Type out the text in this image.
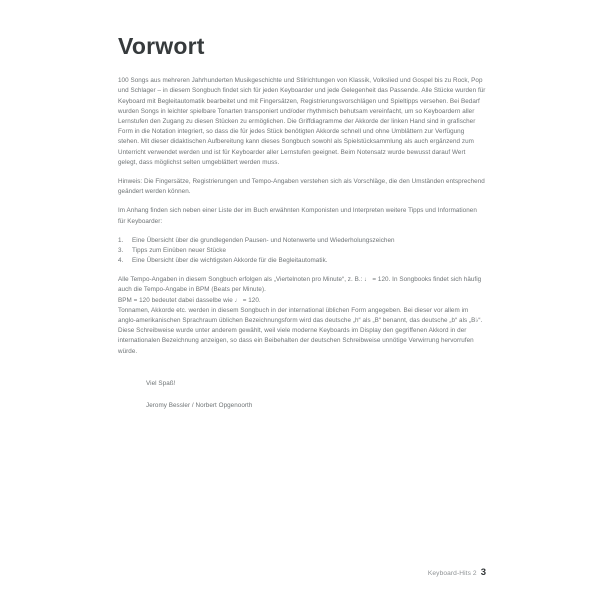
Vorwort

100 Songs aus mehreren Jahrhunderten Musikgeschichte und Stilrichtungen von Klassik, Volkslied und Gospel bis zu Rock, Pop und Schlager – in diesem Songbuch findet sich für jeden Keyboarder und jede Gelegenheit das Passende. Alle Stücke wurden für Keyboard mit Begleitautomatik bearbeitet und mit Fingersätzen, Registrierungsvorschlägen und Spieltipps versehen. Bei Bedarf wurden Songs in leichter spielbare Tonarten transponiert und/oder rhythmisch behutsam vereinfacht, um so Keyboardern aller Lernstufen den Zugang zu diesen Stücken zu ermöglichen. Die Griffdiagramme der Akkorde der linken Hand sind in grafischer Form in die Notation integriert, so dass die für jedes Stück benötigten Akkorde schnell und ohne Umblättern zur Verfügung stehen. Mit dieser didaktischen Aufbereitung kann dieses Songbuch sowohl als Spielstücksammlung als auch ergänzend zum Unterricht verwendet werden und ist für Keyboarder aller Lernstufen geeignet. Beim Notensatz wurde bewusst darauf Wert gelegt, dass möglichst selten umgeblättert werden muss.

Hinweis: Die Fingersätze, Registrierungen und Tempo-Angaben verstehen sich als Vorschläge, die den Umständen entsprechend geändert werden können.

Im Anhang finden sich neben einer Liste der im Buch erwähnten Komponisten und Interpreten weitere Tipps und Informationen für Keyboarder:

1.	Eine Übersicht über die grundlegenden Pausen- und Notenwerte und Wiederholungszeichen
3.	Tipps zum Einüben neuer Stücke
4.	Eine Übersicht über die wichtigsten Akkorde für die Begleitautomatik.

Alle Tempo-Angaben in diesem Songbuch erfolgen als „Viertelnoten pro Minute“, z. B.: ♩ = 120. In Songbooks findet sich häufig auch die Tempo-Angabe in BPM (Beats per Minute).

BPM = 120 bedeutet dabei dasselbe wie ♩ = 120.

Tonnamen, Akkorde etc. werden in diesem Songbuch in der international üblichen Form angegeben. Bei dieser vor allem im anglo-amerikanischen Sprachraum üblichen Bezeichnungsform wird das deutsche „h“ als „B“ benannt, das deutsche „b“ als „B♭“. Diese Schreibweise wurde unter anderem gewählt, weil viele moderne Keyboards im Display den gegriffenen Akkord in der internationalen Bezeichnung anzeigen, so dass ein Beibehalten der deutschen Schreibweise unnötige Verwirrung hervorrufen würde.

Viel Spaß!
Jeromy Bessler / Norbert Opgenoorth
Keyboard-Hits 2 3
